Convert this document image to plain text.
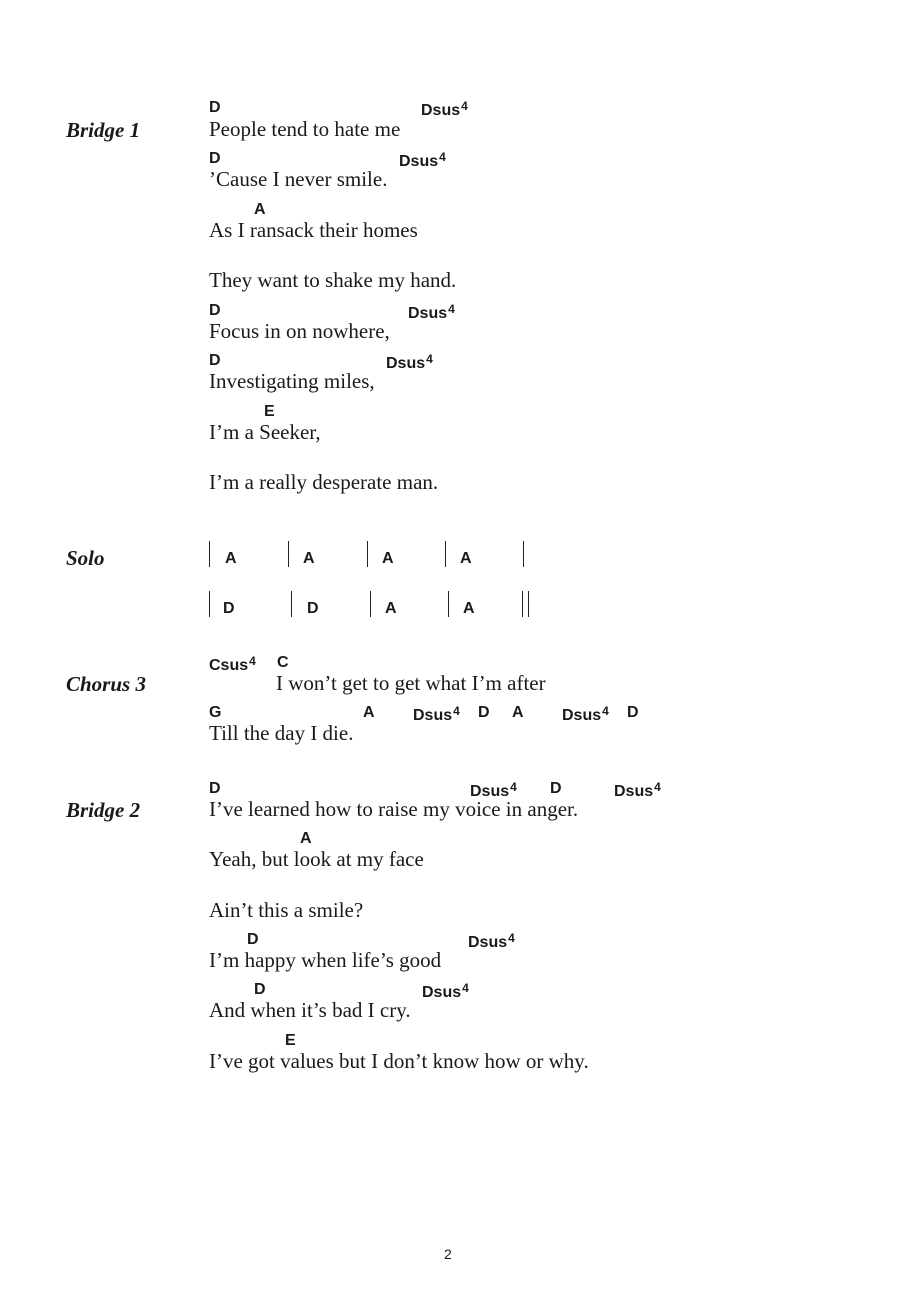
Bridge 1
D	Dsus$^4$
People tend to hate me
D	Dsus$^4$
’Cause I never smile.
A
As I ransack their homes
They want to shake my hand.
D	Dsus$^4$
Focus in on nowhere,
D	Dsus$^4$
Investigating miles,
E
I’m a Seeker,
I’m a really desperate man.
Solo	A	A	A	A
D	D	A	A
Chorus 3
Csus$^4$ C
I won’t get to get what I’m after
G	A Dsus$^4$ D A Dsus$^4$ D
Till the day I die.
Bridge 2
D	Dsus$^4$ D	Dsus$^4$
I’ve learned how to raise my voice in anger.
A
Yeah, but look at my face
Ain’t this a smile?
D	Dsus$^4$
I’m happy when life’s good
D	Dsus$^4$
And when it’s bad I cry.
E
I’ve got values but I don’t know how or why.
2
